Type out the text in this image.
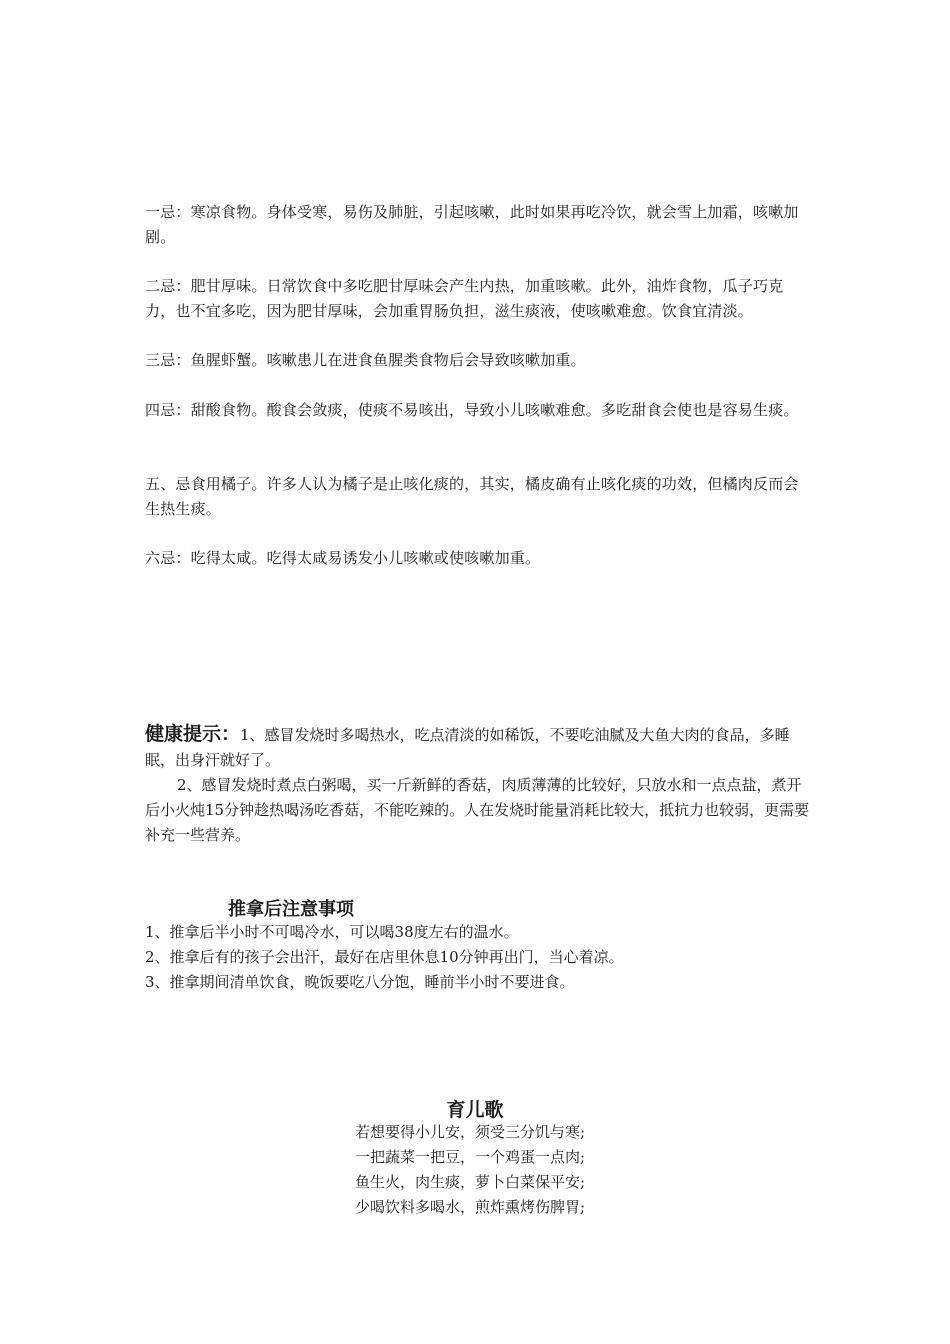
一忌：寒凉食物。身体受寒，易伤及肺脏，引起咳嗽，此时如果再吃冷饮，就会雪上加霜，咳嗽加剧。

二忌：肥甘厚味。日常饮食中多吃肥甘厚味会产生内热，加重咳嗽。此外，油炸食物，瓜子巧克力，也不宜多吃，因为肥甘厚味，会加重胃肠负担，滋生痰液，使咳嗽难愈。饮食宜清淡。

三忌：鱼腥虾蟹。咳嗽患儿在进食鱼腥类食物后会导致咳嗽加重。

四忌：甜酸食物。酸食会敛痰，使痰不易咳出，导致小儿咳嗽难愈。多吃甜食会使也是容易生痰。

五、忌食用橘子。许多人认为橘子是止咳化痰的，其实，橘皮确有止咳化痰的功效，但橘肉反而会生热生痰。

六忌：吃得太咸。吃得太咸易诱发小儿咳嗽或使咳嗽加重。

健康提示：1、感冒发烧时多喝热水，吃点清淡的如稀饭，不要吃油腻及大鱼大肉的食品，多睡眠，出身汗就好了。
2、感冒发烧时煮点白粥喝，买一斤新鲜的香菇，肉质薄薄的比较好，只放水和一点点盐，煮开后小火炖15分钟趁热喝汤吃香菇，不能吃辣的。人在发烧时能量消耗比较大，抵抗力也较弱，更需要补充一些营养。

推拿后注意事项
1、推拿后半小时不可喝冷水，可以喝38度左右的温水。
2、推拿后有的孩子会出汗，最好在店里休息10分钟再出门，当心着凉。
3、推拿期间清单饮食，晚饭要吃八分饱，睡前半小时不要进食。
育儿歌
若想要得小儿安，须受三分饥与寒;
一把蔬菜一把豆，一个鸡蛋一点肉;
鱼生火，肉生痰，萝卜白菜保平安;
少喝饮料多喝水，煎炸熏烤伤脾胃;
